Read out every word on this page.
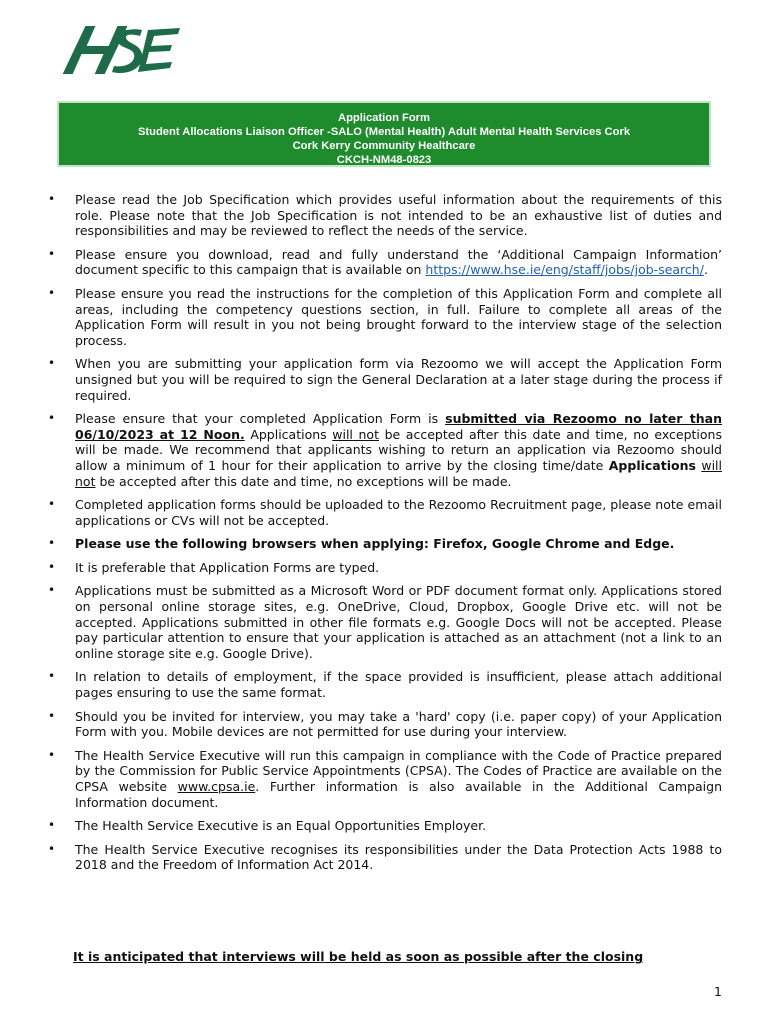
Application Form
Student Allocations Liaison Officer -SALO (Mental Health) Adult Mental Health Services Cork
Cork Kerry Community Healthcare
CKCH-NM48-0823
• Please read the Job Specification which provides useful information about the requirements of this role. Please note that the Job Specification is not intended to be an exhaustive list of duties and responsibilities and may be reviewed to reflect the needs of the service.
• Please ensure you download, read and fully understand the ‘Additional Campaign Information’ document specific to this campaign that is available on https://www.hse.ie/eng/staff/jobs/job-search/.
• Please ensure you read the instructions for the completion of this Application Form and complete all areas, including the competency questions section, in full. Failure to complete all areas of the Application Form will result in you not being brought forward to the interview stage of the selection process.
• When you are submitting your application form via Rezoomo we will accept the Application Form unsigned but you will be required to sign the General Declaration at a later stage during the process if required.
• Please ensure that your completed Application Form is submitted via Rezoomo no later than 06/10/2023 at 12 Noon. Applications will not be accepted after this date and time, no exceptions will be made. We recommend that applicants wishing to return an application via Rezoomo should allow a minimum of 1 hour for their application to arrive by the closing time/date Applications will not be accepted after this date and time, no exceptions will be made.
• Completed application forms should be uploaded to the Rezoomo Recruitment page, please note email applications or CVs will not be accepted.
• Please use the following browsers when applying: Firefox, Google Chrome and Edge.
• It is preferable that Application Forms are typed.
• Applications must be submitted as a Microsoft Word or PDF document format only. Applications stored on personal online storage sites, e.g. OneDrive, Cloud, Dropbox, Google Drive etc. will not be accepted. Applications submitted in other file formats e.g. Google Docs will not be accepted. Please pay particular attention to ensure that your application is attached as an attachment (not a link to an online storage site e.g. Google Drive).
• In relation to details of employment, if the space provided is insufficient, please attach additional pages ensuring to use the same format.
• Should you be invited for interview, you may take a 'hard' copy (i.e. paper copy) of your Application Form with you. Mobile devices are not permitted for use during your interview.
• The Health Service Executive will run this campaign in compliance with the Code of Practice prepared by the Commission for Public Service Appointments (CPSA). The Codes of Practice are available on the CPSA website www.cpsa.ie. Further information is also available in the Additional Campaign Information document.
• The Health Service Executive is an Equal Opportunities Employer.
• The Health Service Executive recognises its responsibilities under the Data Protection Acts 1988 to 2018 and the Freedom of Information Act 2014.
It is anticipated that interviews will be held as soon as possible after the closing
1
